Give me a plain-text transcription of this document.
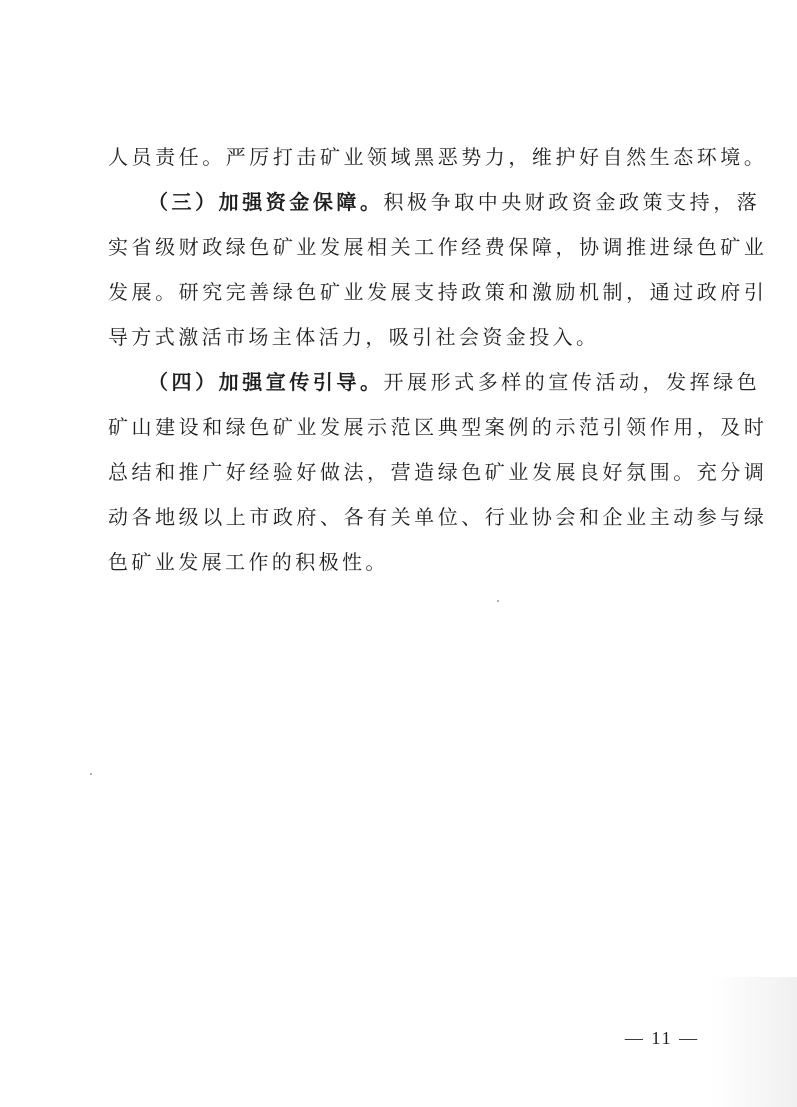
人员责任。严厉打击矿业领域黑恶势力，维护好自然生态环境。
（三）加强资金保障。积极争取中央财政资金政策支持，落
实省级财政绿色矿业发展相关工作经费保障，协调推进绿色矿业
发展。研究完善绿色矿业发展支持政策和激励机制，通过政府引
导方式激活市场主体活力，吸引社会资金投入。
（四）加强宣传引导。开展形式多样的宣传活动，发挥绿色
矿山建设和绿色矿业发展示范区典型案例的示范引领作用，及时
总结和推广好经验好做法，营造绿色矿业发展良好氛围。充分调
动各地级以上市政府、各有关单位、行业协会和企业主动参与绿
色矿业发展工作的积极性。
— 11 —
